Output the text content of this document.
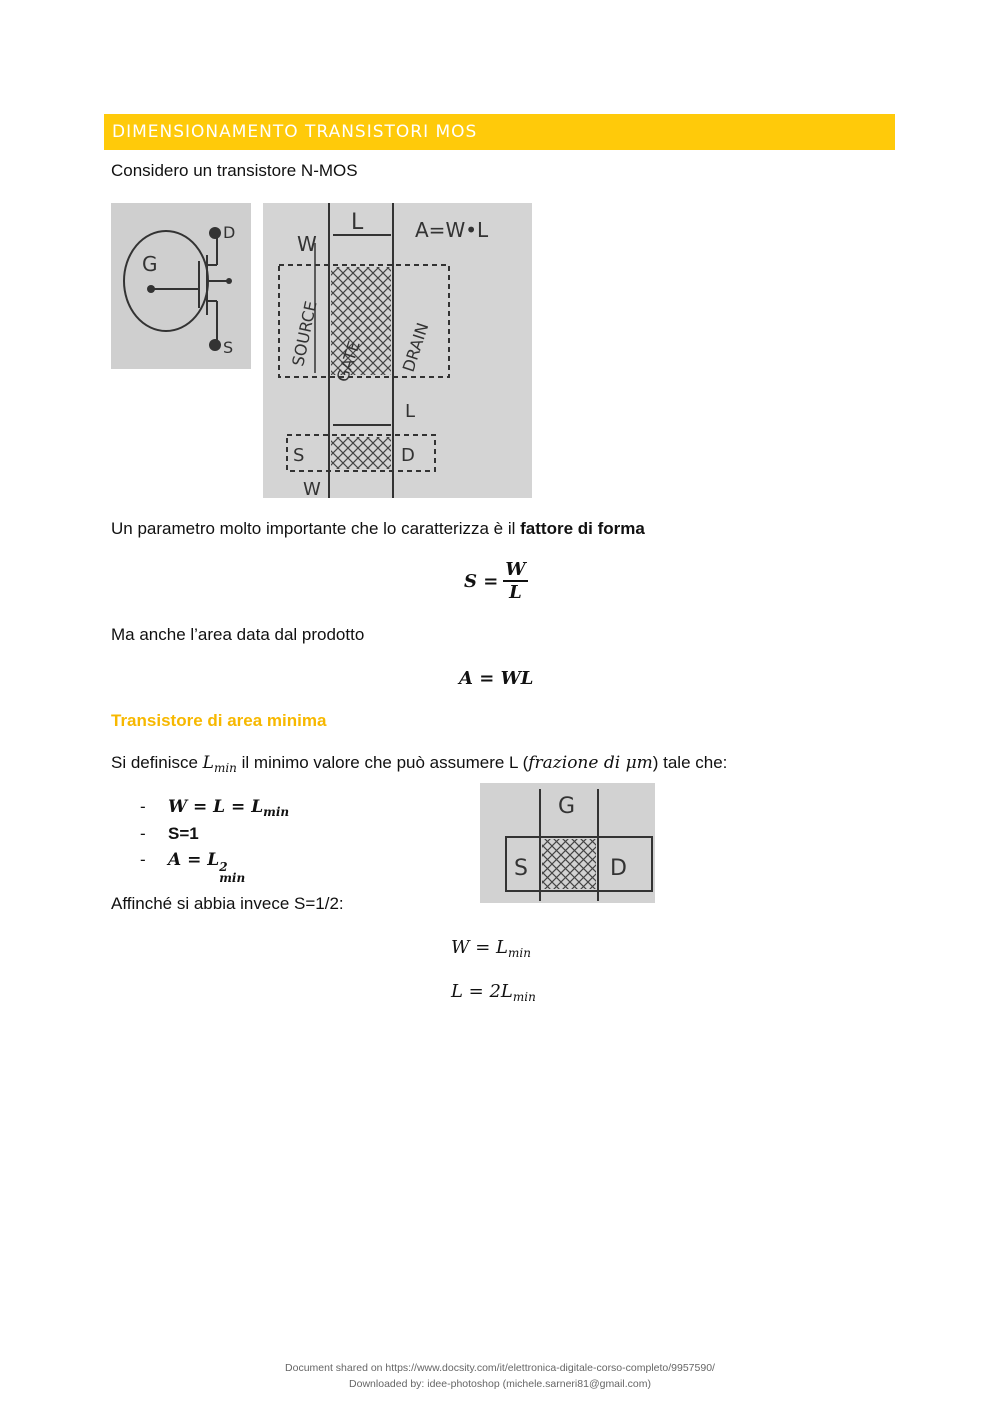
DIMENSIONAMENTO TRANSISTORI MOS
Considero un transistore N-MOS
G
D
S
W
L	A=W•L
SOURCE GATE DRAIN
L
S	D
W
Un parametro molto importante che lo caratterizza è il fattore di forma
$S = \frac{W}{L}$
Ma anche l’area data dal prodotto
A = WL
Transistore di area minima
Si definisce $L_{min}$ il minimo valore che può assumere L (frazione di μm) tale che:
- $W = L = L_{min}$
- S=1
- A = L 2
min
G
S	D
Affinché si abbia invece S=1/2:
$W = L_{min}$
$L = 2L_{min}$
Document shared on https://www.docsity.com/it/elettronica-digitale-corso-completo/9957590/
Downloaded by: idee-photoshop (michele.sarneri81@gmail.com)
